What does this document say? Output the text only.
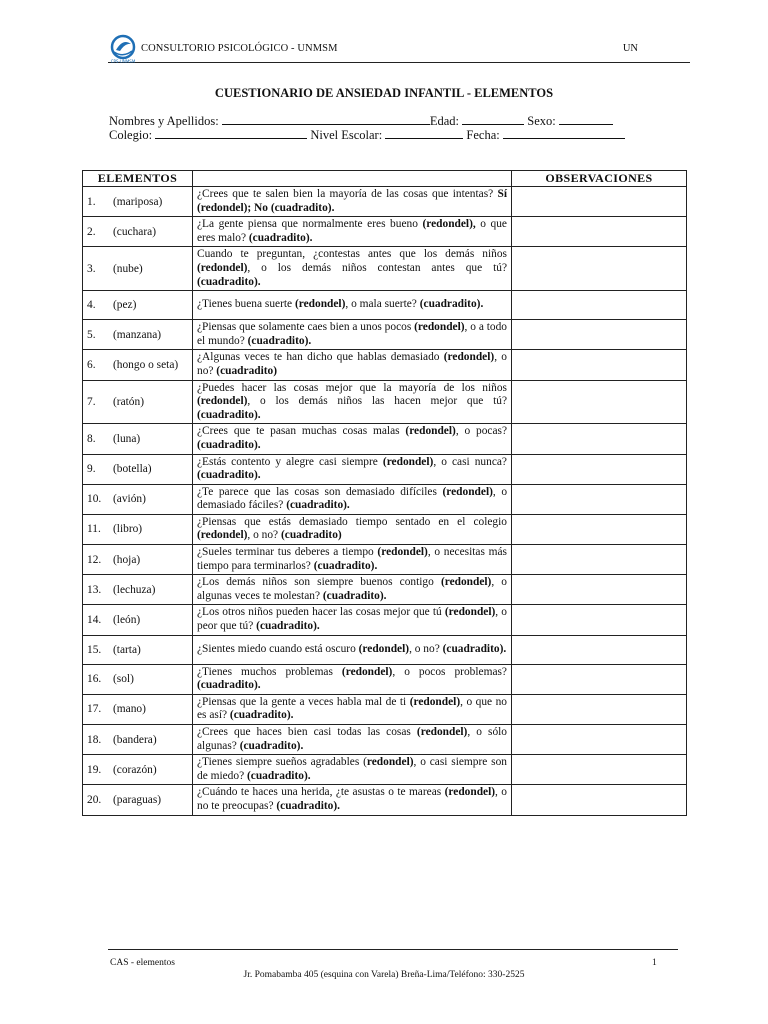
CPS-UNMSM
CONSULTORIO PSICOLÓGICO - UNMSM	UN
CUESTIONARIO DE ANSIEDAD INFANTIL - ELEMENTOS
Nombres y Apellidos:	Edad:	Sexo:
Colegio:	Nivel Escolar:	Fecha:
ELEMENTOS		OBSERVACIONES
1. (mariposa)	¿Crees que te salen bien la mayoría de las cosas que intentas? Sí (redondel); No (cuadradito).	
2. (cuchara)	¿La gente piensa que normalmente eres bueno (redondel), o que eres malo? (cuadradito).	
3. (nube)	Cuando te preguntan, ¿contestas antes que los demás niños (redondel), o los demás niños contestan antes que tú? (cuadradito).	
4. (pez)	¿Tienes buena suerte (redondel), o mala suerte? (cuadradito).	
5. (manzana)	¿Piensas que solamente caes bien a unos pocos (redondel), o a todo el mundo? (cuadradito).	
6. (hongo o seta)	¿Algunas veces te han dicho que hablas demasiado (redondel), o no? (cuadradito)	
7. (ratón)	¿Puedes hacer las cosas mejor que la mayoría de los niños (redondel), o los demás niños las hacen mejor que tú? (cuadradito).	
8. (luna)	¿Crees que te pasan muchas cosas malas (redondel), o pocas? (cuadradito).	
9. (botella)	¿Estás contento y alegre casi siempre (redondel), o casi nunca? (cuadradito).	
10. (avión)	¿Te parece que las cosas son demasiado difíciles (redondel), o demasiado fáciles? (cuadradito).	
11. (libro)	¿Piensas que estás demasiado tiempo sentado en el colegio (redondel), o no? (cuadradito)	
12. (hoja)	¿Sueles terminar tus deberes a tiempo (redondel), o necesitas más tiempo para terminarlos? (cuadradito).	
13. (lechuza)	¿Los demás niños son siempre buenos contigo (redondel), o algunas veces te molestan? (cuadradito).	
14. (león)	¿Los otros niños pueden hacer las cosas mejor que tú (redondel), o peor que tú? (cuadradito).	
15. (tarta)	¿Sientes miedo cuando está oscuro (redondel), o no? (cuadradito).	
16. (sol)	¿Tienes muchos problemas (redondel), o pocos problemas? (cuadradito).	
17. (mano)	¿Piensas que la gente a veces habla mal de ti (redondel), o que no es así? (cuadradito).	
18. (bandera)	¿Crees que haces bien casi todas las cosas (redondel), o sólo algunas? (cuadradito).	
19. (corazón)	¿Tienes siempre sueños agradables (redondel), o casi siempre son de miedo? (cuadradito).	
20. (paraguas)	¿Cuándo te haces una herida, ¿te asustas o te mareas (redondel), o no te preocupas? (cuadradito).	
CAS - elementos	1
Jr. Pomabamba 405 (esquina con Varela) Breña-Lima/Teléfono: 330-2525
